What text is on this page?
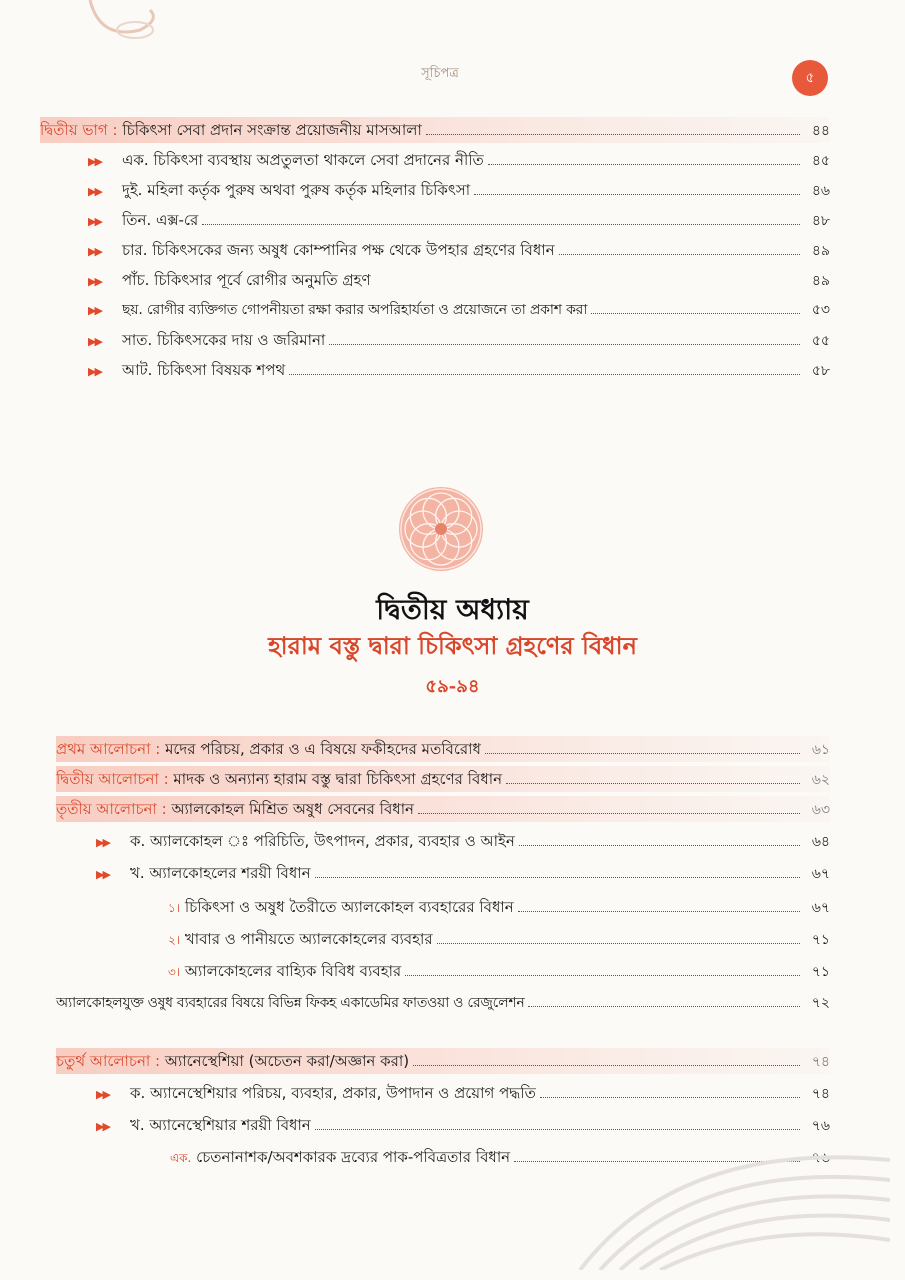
সূচিপত্র	৫
দ্বিতীয় ভাগ : চিকিৎসা সেবা প্রদান সংক্রান্ত প্রয়োজনীয় মাসআলা	৪৪
▶▶	এক. চিকিৎসা ব্যবস্থায় অপ্রতুলতা থাকলে সেবা প্রদানের নীতি	৪৫
▶▶	দুই. মহিলা কর্তৃক পুরুষ অথবা পুরুষ কর্তৃক মহিলার চিকিৎসা	৪৬
▶▶	তিন. এক্স-রে	৪৮
▶▶	চার. চিকিৎসকের জন্য অষুধ কোম্পানির পক্ষ থেকে উপহার গ্রহণের বিধান	৪৯
▶▶	পাঁচ. চিকিৎসার পূর্বে রোগীর অনুমতি গ্রহণ	৪৯
▶▶	ছয়. রোগীর ব্যক্তিগত গোপনীয়তা রক্ষা করার অপরিহার্যতা ও প্রয়োজনে তা প্রকাশ করা	৫৩
▶▶	সাত. চিকিৎসকের দায় ও জরিমানা	৫৫
▶▶	আট. চিকিৎসা বিষয়ক শপথ	৫৮
দ্বিতীয় অধ্যায়
হারাম বস্তু দ্বারা চিকিৎসা গ্রহণের বিধান
৫৯-৯৪
প্রথম আলোচনা : মদের পরিচয়, প্রকার ও এ বিষয়ে ফকীহদের মতবিরোধ	৬১
দ্বিতীয় আলোচনা : মাদক ও অন্যান্য হারাম বস্তু দ্বারা চিকিৎসা গ্রহণের বিধান	৬২
তৃতীয় আলোচনা : অ্যালকোহল মিশ্রিত অষুধ সেবনের বিধান	৬৩
▶▶	ক. অ্যালকোহল ঃ পরিচিতি, উৎপাদন, প্রকার, ব্যবহার ও আইন	৬৪
▶▶	খ. অ্যালকোহলের শরয়ী বিধান	৬৭
১। চিকিৎসা ও অষুধ তৈরীতে অ্যালকোহল ব্যবহারের বিধান	৬৭
২। খাবার ও পানীয়তে অ্যালকোহলের ব্যবহার	৭১
৩। অ্যালকোহলের বাহ্যিক বিবিধ ব্যবহার	৭১
অ্যালকোহলযুক্ত ওষুধ ব্যবহারের বিষয়ে বিভিন্ন ফিকহ একাডেমির ফাতওয়া ও রেজুলেশন	৭২
চতুর্থ আলোচনা : অ্যানেস্থেশিয়া (অচেতন করা/অজ্ঞান করা)	৭৪
▶▶	ক. অ্যানেস্থেশিয়ার পরিচয়, ব্যবহার, প্রকার, উপাদান ও প্রয়োগ পদ্ধতি	৭৪
▶▶	খ. অ্যানেস্থেশিয়ার শরয়ী বিধান	৭৬
এক. চেতনানাশক/অবশকারক দ্রব্যের পাক-পবিত্রতার বিধান	৭৬
